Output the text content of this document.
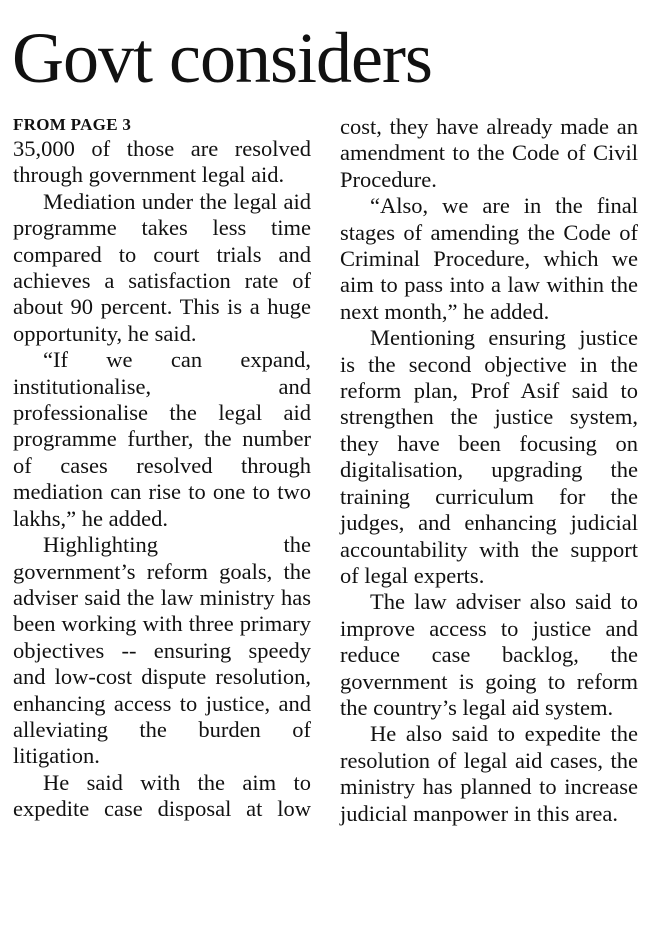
Govt considers
FROM PAGE 3

35,000 of those are resolved through government legal aid.

Mediation under the legal aid programme takes less time compared to court trials and achieves a satisfaction rate of about 90 percent. This is a huge opportunity, he said.

“If we can expand, institutionalise, and professionalise the legal aid programme further, the number of cases resolved through mediation can rise to one to two lakhs,” he added.

Highlighting the government’s reform goals, the adviser said the law ministry has been working with three primary objectives -- ensuring speedy and low-cost dispute resolution, enhancing access to justice, and alleviating the burden of litigation.

He said with the aim to expedite case disposal at low

cost, they have already made an amendment to the Code of Civil Procedure.

“Also, we are in the final stages of amending the Code of Criminal Procedure, which we aim to pass into a law within the next month,” he added.

Mentioning ensuring justice is the second objective in the reform plan, Prof Asif said to strengthen the justice system, they have been focusing on digitalisation, upgrading the training curriculum for the judges, and enhancing judicial accountability with the support of legal experts.

The law adviser also said to improve access to justice and reduce case backlog, the government is going to reform the country’s legal aid system.

He also said to expedite the resolution of legal aid cases, the ministry has planned to increase judicial manpower in this area.
